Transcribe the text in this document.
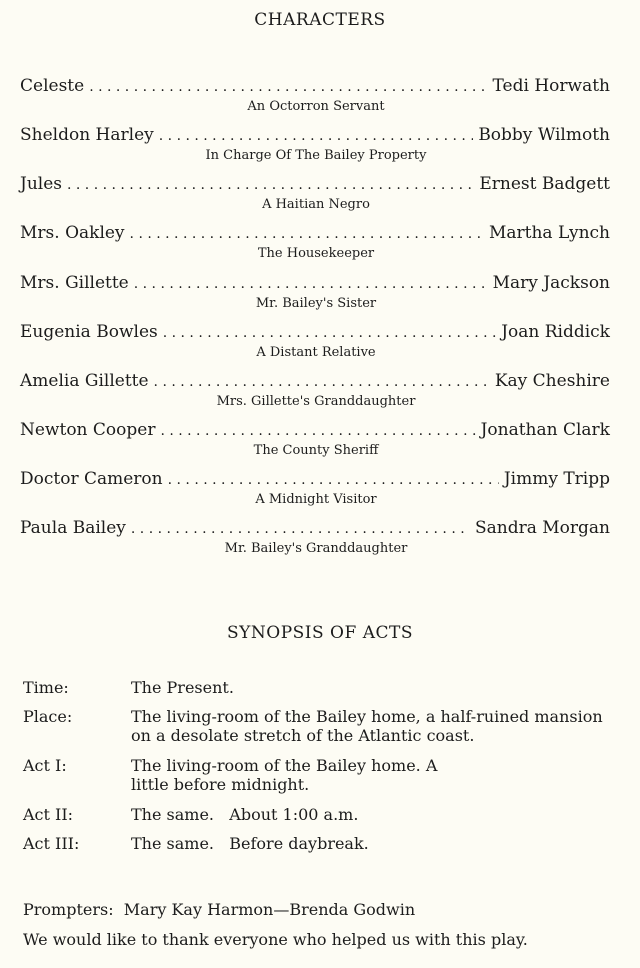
CHARACTERS
Celeste . . .	Tedi Horwath
An Octorron Servant
Sheldon Harley . . .	Bobby Wilmoth
In Charge Of The Bailey Property
Jules . . .	Ernest Badgett
A Haitian Negro
Mrs. Oakley . . .	Martha Lynch
The Housekeeper
Mrs. Gillette . . .	Mary Jackson
Mr. Bailey's Sister
Eugenia Bowles . . .	Joan Riddick
A Distant Relative
Amelia Gillette . . .	Kay Cheshire
Mrs. Gillette's Granddaughter
Newton Cooper . . .	Jonathan Clark
The County Sheriff
Doctor Cameron . . .	Jimmy Tripp
A Midnight Visitor
Paula Bailey . . .	Sandra Morgan
Mr. Bailey's Granddaughter
SYNOPSIS OF ACTS
Time:	The Present.
Place:	The living-room of the Bailey home, a half-ruined mansion on a desolate stretch of the Atlantic coast.
Act I:	The living-room of the Bailey home. A little before midnight.
Act II:	The same.   About 1:00 a.m.
Act III:	The same.   Before daybreak.
Prompters:  Mary Kay Harmon—Brenda Godwin
We would like to thank everyone who helped us with this play.
